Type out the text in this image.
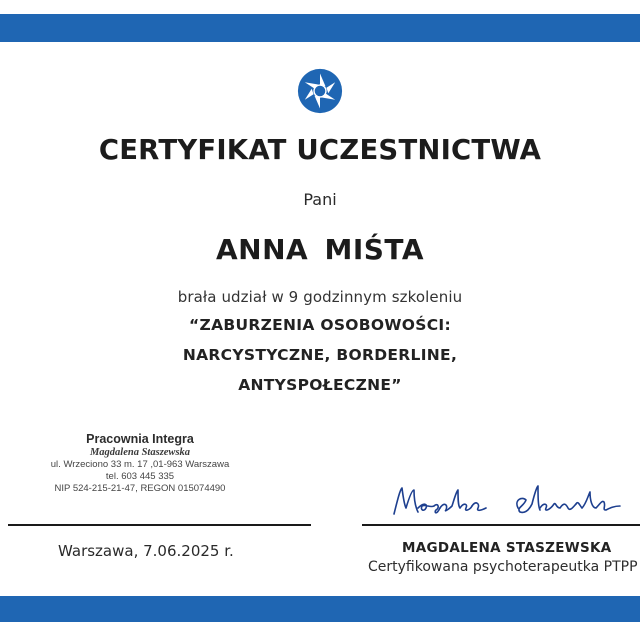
CERTYFIKAT UCZESTNICTWA
Pani
ANNA MIŚTA
brała udział w 9 godzinnym szkoleniu
“ZABURZENIA OSOBOWOŚCI:
NARCYSTYCZNE, BORDERLINE,
ANTYSPOŁECZNE”
Pracownia Integra
Magdalena Staszewska
ul. Wrzeciono 33 m. 17 ,01-963 Warszawa
tel. 603 445 335
NIP 524-215-21-47, REGON 015074490
Warszawa, 7.06.2025 r.	MAGDALENA STASZEWSKA
Certyfikowana psychoterapeutka PTPP
